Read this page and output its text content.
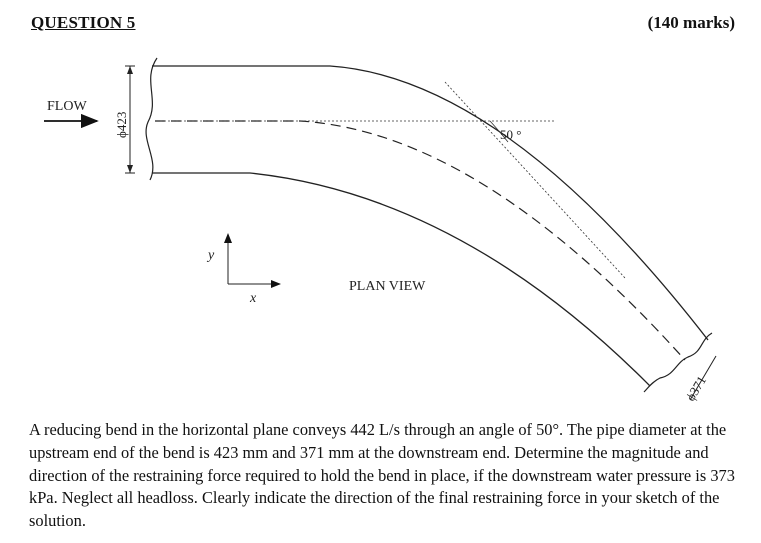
QUESTION 5	(140 marks)
50 °
FLOW
ϕ423
ϕ371
y
x
PLAN VIEW
A reducing bend in the horizontal plane conveys 442 L/s through an angle of 50°. The pipe diameter at the upstream end of the bend is 423 mm and 371 mm at the downstream end. Determine the magnitude and direction of the restraining force required to hold the bend in place, if the downstream water pressure is 373 kPa. Neglect all headloss. Clearly indicate the direction of the final restraining force in your sketch of the solution.
